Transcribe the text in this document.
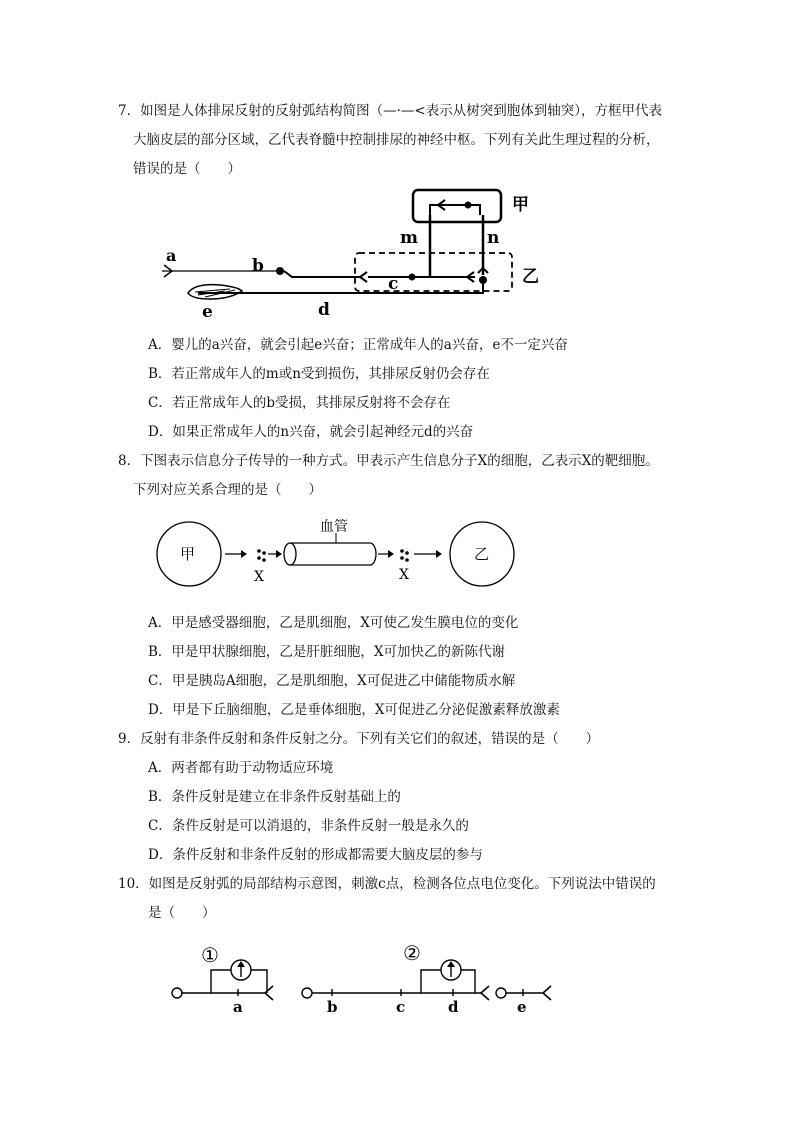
7．如图是人体排尿反射的反射弧结构简图（—·—<表示从树突到胞体到轴突），方框甲代表
大脑皮层的部分区域，乙代表脊髓中控制排尿的神经中枢。下列有关此生理过程的分析，
错误的是（　　）
甲
m	n
乙
a
b
c
d
e
A．婴儿的a兴奋，就会引起e兴奋；正常成年人的a兴奋，e不一定兴奋
B．若正常成年人的m或n受到损伤，其排尿反射仍会存在
C．若正常成年人的b受损，其排尿反射将不会存在
D．如果正常成年人的n兴奋，就会引起神经元d的兴奋
8．下图表示信息分子传导的一种方式。甲表示产生信息分子X的细胞，乙表示X的靶细胞。
下列对应关系合理的是（　　）
甲
X
血管
X
乙
A．甲是感受器细胞，乙是肌细胞，X可使乙发生膜电位的变化
B．甲是甲状腺细胞，乙是肝脏细胞，X可加快乙的新陈代谢
C．甲是胰岛A细胞，乙是肌细胞，X可促进乙中储能物质水解
D．甲是下丘脑细胞，乙是垂体细胞，X可促进乙分泌促激素释放激素
9．反射有非条件反射和条件反射之分。下列有关它们的叙述，错误的是（　　）
A．两者都有助于动物适应环境
B．条件反射是建立在非条件反射基础上的
C．条件反射是可以消退的，非条件反射一般是永久的
D．条件反射和非条件反射的形成都需要大脑皮层的参与
10．如图是反射弧的局部结构示意图，刺激c点，检测各位点电位变化。下列说法中错误的
是（　　）
①
a	b	c
②
d	e
